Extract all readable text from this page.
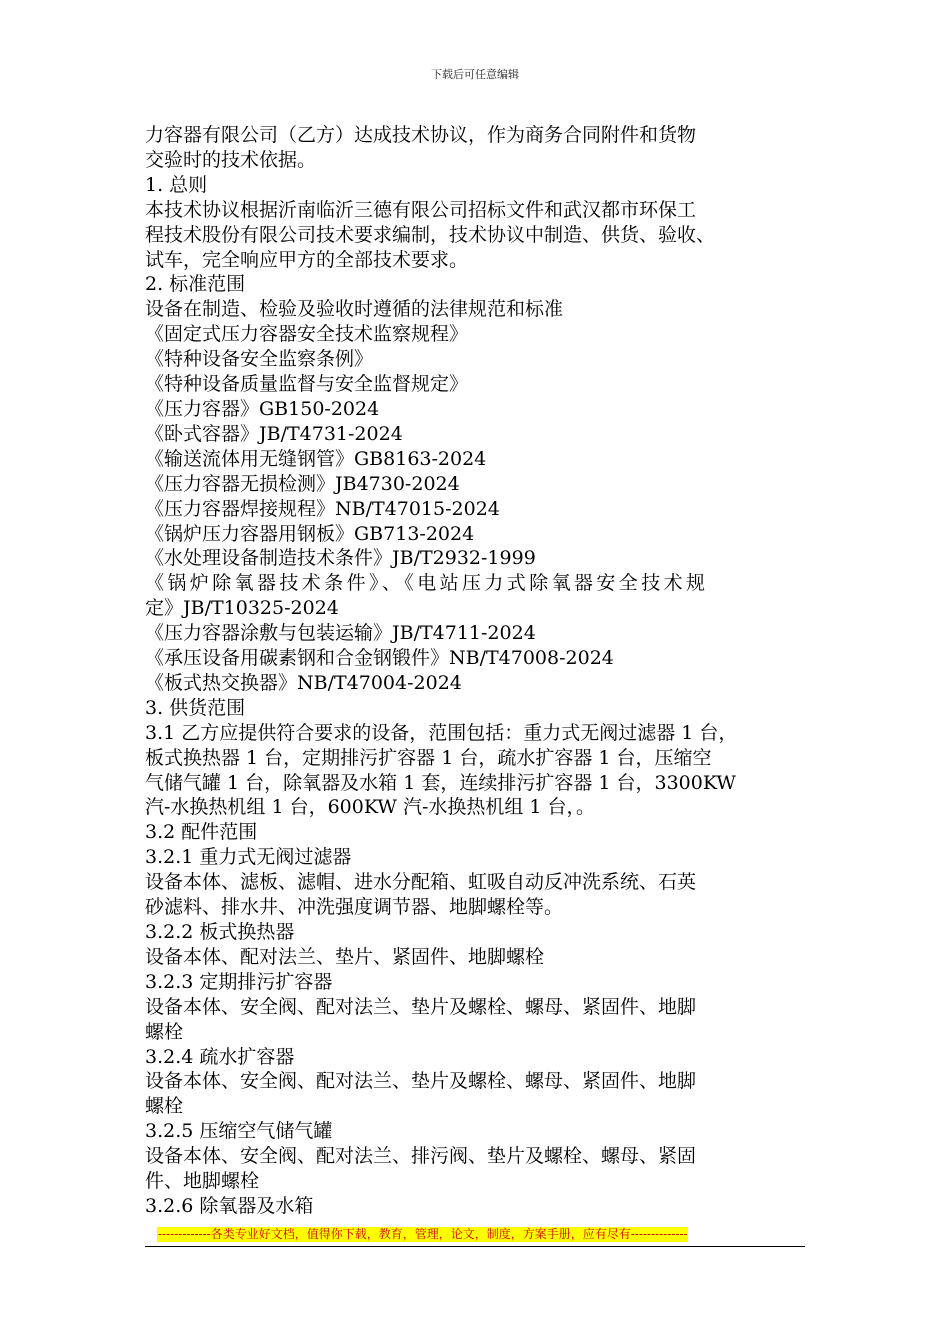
下载后可任意编辑
力容器有限公司（乙方）达成技术协议，作为商务合同附件和货物
交验时的技术依据。
1. 总则
本技术协议根据沂南临沂三德有限公司招标文件和武汉都市环保工
程技术股份有限公司技术要求编制，技术协议中制造、供货、验收、
试车，完全响应甲方的全部技术要求。
2. 标准范围
设备在制造、检验及验收时遵循的法律规范和标准
《固定式压力容器安全技术监察规程》
《特种设备安全监察条例》
《特种设备质量监督与安全监督规定》
《压力容器》GB150-2024
《卧式容器》JB/T4731-2024
《输送流体用无缝钢管》GB8163-2024
《压力容器无损检测》JB4730-2024
《压力容器焊接规程》NB/T47015-2024
《锅炉压力容器用钢板》GB713-2024
《水处理设备制造技术条件》JB/T2932-1999
《锅炉除氧器技术条件》、《电站压力式除氧器安全技术规
定》JB/T10325-2024
《压力容器涂敷与包装运输》JB/T4711-2024
《承压设备用碳素钢和合金钢锻件》NB/T47008-2024
《板式热交换器》NB/T47004-2024
3. 供货范围
3.1 乙方应提供符合要求的设备，范围包括：重力式无阀过滤器 1 台，
板式换热器 1 台，定期排污扩容器 1 台，疏水扩容器 1 台，压缩空
气储气罐 1 台，除氧器及水箱 1 套，连续排污扩容器 1 台，3300KW
汽-水换热机组 1 台，600KW 汽-水换热机组 1 台，。
3.2 配件范围
3.2.1 重力式无阀过滤器
设备本体、滤板、滤帽、进水分配箱、虹吸自动反冲洗系统、石英
砂滤料、排水井、冲洗强度调节器、地脚螺栓等。
3.2.2 板式换热器
设备本体、配对法兰、垫片、紧固件、地脚螺栓
3.2.3 定期排污扩容器
设备本体、安全阀、配对法兰、垫片及螺栓、螺母、紧固件、地脚
螺栓
3.2.4 疏水扩容器
设备本体、安全阀、配对法兰、垫片及螺栓、螺母、紧固件、地脚
螺栓
3.2.5 压缩空气储气罐
设备本体、安全阀、配对法兰、排污阀、垫片及螺栓、螺母、紧固
件、地脚螺栓
3.2.6 除氧器及水箱
-------------各类专业好文档，值得你下载，教育，管理，论文，制度，方案手册，应有尽有--------------
